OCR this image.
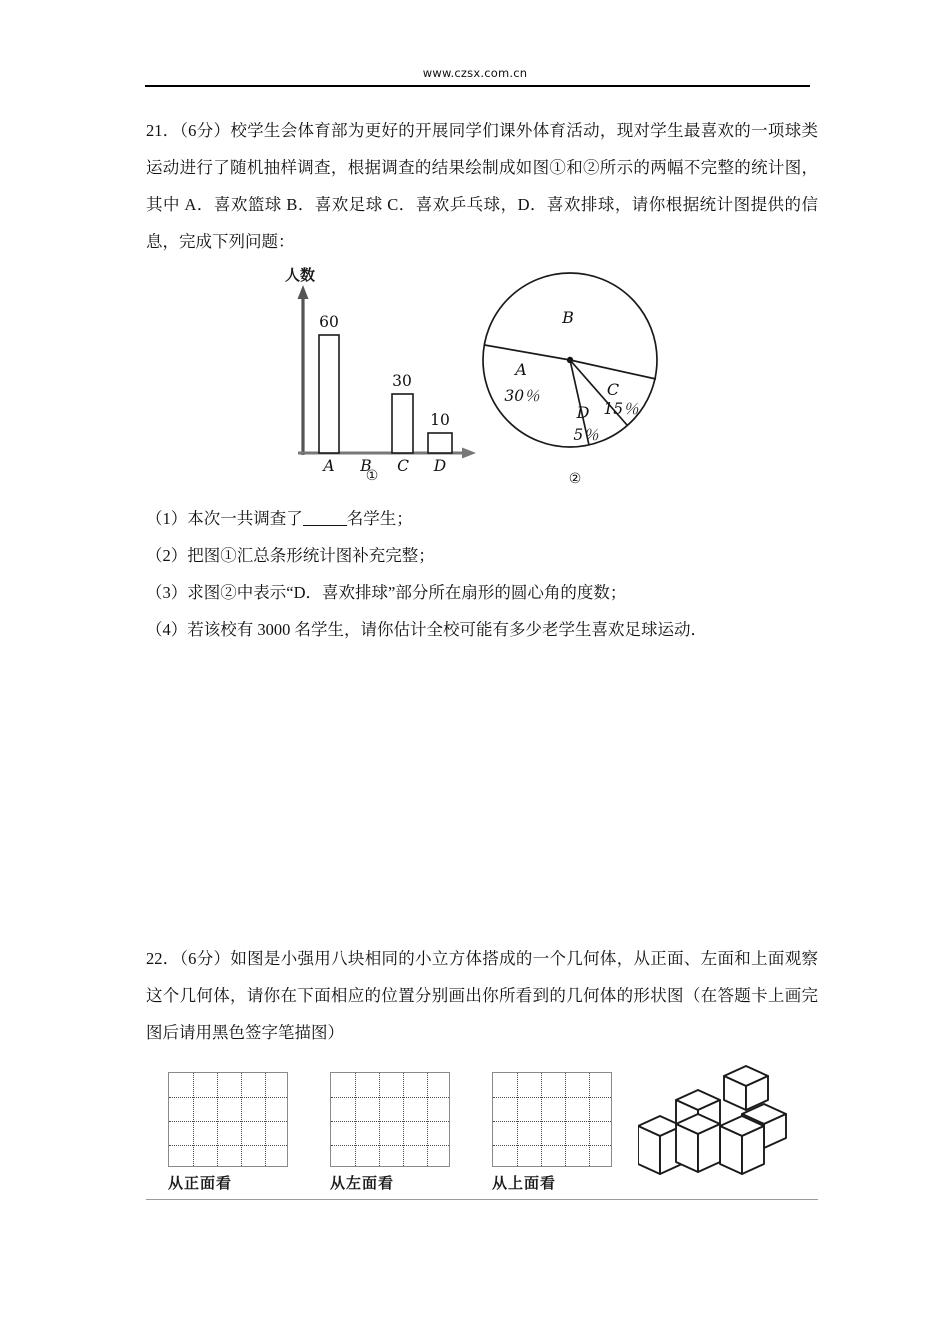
www.czsx.com.cn

21．（6分）校学生会体育部为更好的开展同学们课外体育活动，现对学生最喜欢的一项球类运动进行了随机抽样调查，根据调查的结果绘制成如图①和②所示的两幅不完整的统计图，其中 A．喜欢篮球 B．喜欢足球 C．喜欢乒乓球，D．喜欢排球，请你根据统计图提供的信息，完成下列问题：

人数
60
30
10
A B C D
①
B
A
30％	C
15％
D
5％
②

（1）本次一共调查了	名学生；

（2）把图①汇总条形统计图补充完整；

（3）求图②中表示“D．喜欢排球”部分所在扇形的圆心角的度数；

（4）若该校有 3000 名学生，请你估计全校可能有多少老学生喜欢足球运动．

22．（6分）如图是小强用八块相同的小立方体搭成的一个几何体，从正面、左面和上面观察这个几何体，请你在下面相应的位置分别画出你所看到的几何体的形状图（在答题卡上画完图后请用黑色签字笔描图）

从正面看	从左面看	从上面看
